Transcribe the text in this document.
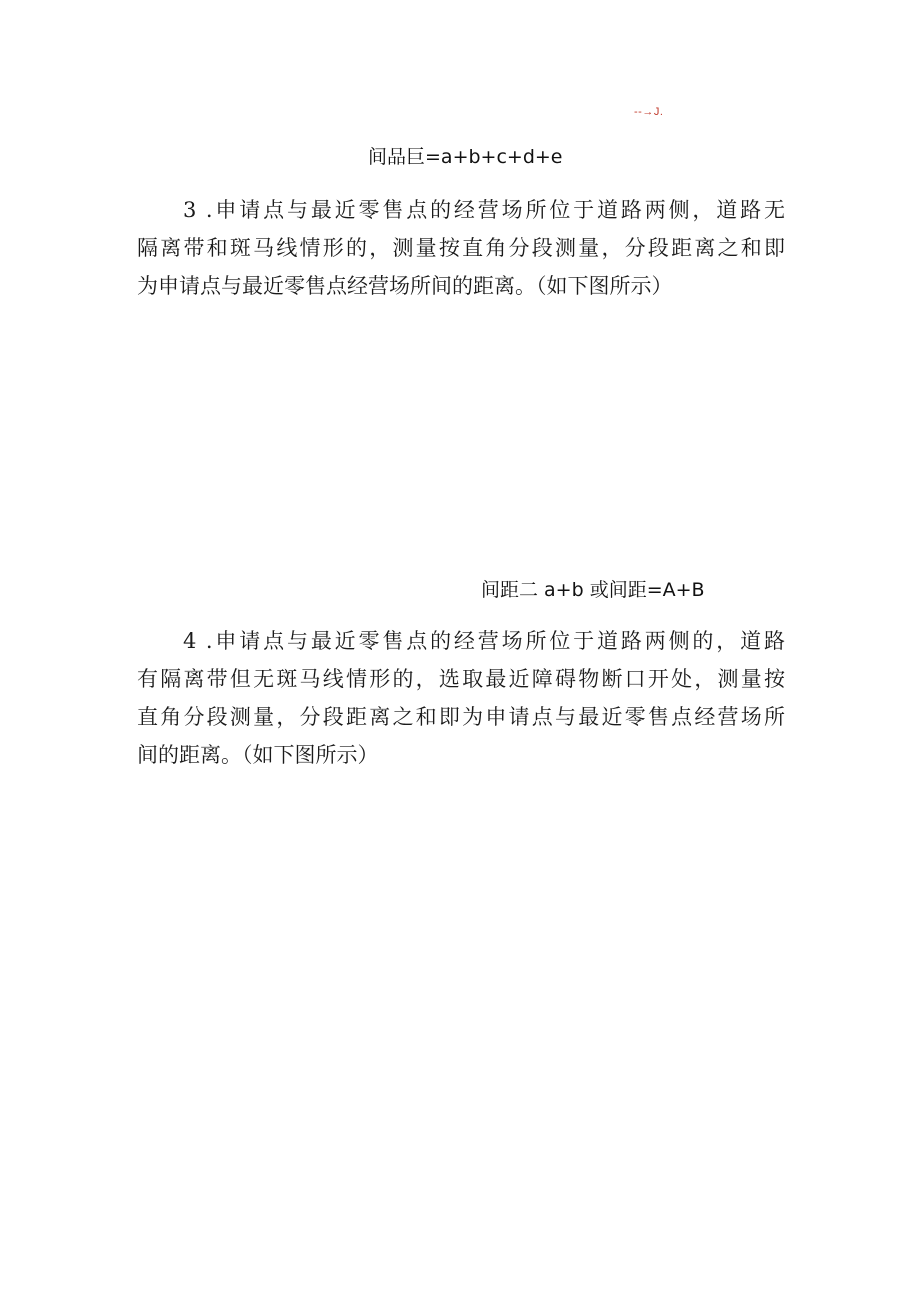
--→J.
间品巨=a+b+c+d+e
3 .申请点与最近零售点的经营场所位于道路两侧，道路无
隔离带和斑马线情形的，测量按直角分段测量，分段距离之和即
为申请点与最近零售点经营场所间的距离。（如下图所示）
间距二 a+b 或间距=A+B
4 .申请点与最近零售点的经营场所位于道路两侧的，道路
有隔离带但无斑马线情形的，选取最近障碍物断口开处，测量按
直角分段测量，分段距离之和即为申请点与最近零售点经营场所
间的距离。（如下图所示）
